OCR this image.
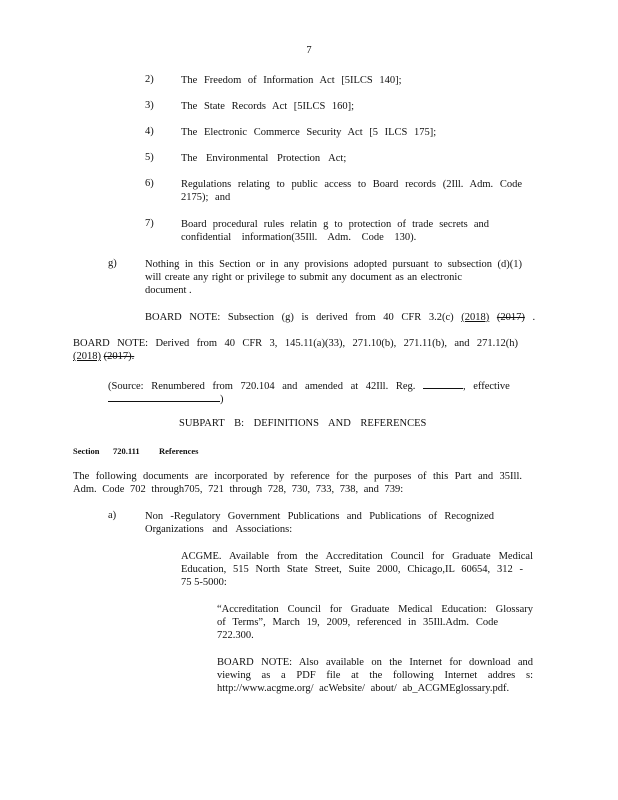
7
2)	The Freedom of Information Act [5ILCS 140];
3)	The State Records Act [5ILCS 160];
4)	The Electronic Commerce Security Act [5 ILCS 175];
5)	The Environmental Protection Act;
6)	Regulations relating to public access to Board records (2Ill. Adm. Code
2175); and
7)	Board procedural rules relatin g to protection of trade secrets and
confidential information(35Ill. Adm. Code 130).
g)	Nothing in this Section or in any provisions adopted pursuant to subsection (d)(1)
will create any right or privilege to submit any document as an electronic
document .
BOARD NOTE: Subsection (g) is derived from 40 CFR 3.2(c) (2018) (2017) .
BOARD NOTE: Derived from 40 CFR 3, 145.11(a)(33), 271.10(b), 271.11(b), and 271.12(h)
(2018) (2017).
(Source: Renumbered from 720.104 and amended at 42Ill. Reg.	, effective
)
SUBPART B: DEFINITIONS AND REFERENCES
Section 720.111 References
The following documents are incorporated by reference for the purposes of this Part and 35Ill.
Adm. Code 702 through705, 721 through 728, 730, 733, 738, and 739:
a)	Non -Regulatory Government Publications and Publications of Recognized
Organizations and Associations:
ACGME. Available from the Accreditation Council for Graduate Medical
Education, 515 North State Street, Suite 2000, Chicago,IL 60654, 312 -
75 5-5000:
“Accreditation Council for Graduate Medical Education: Glossary
of Terms”, March 19, 2009, referenced in 35Ill.Adm. Code
722.300.
BOARD NOTE: Also available on the Internet for download and
viewing as a PDF file at the following Internet addres s:
http://www.acgme.org/ acWebsite/ about/ ab_ACGMEglossary.pdf.
